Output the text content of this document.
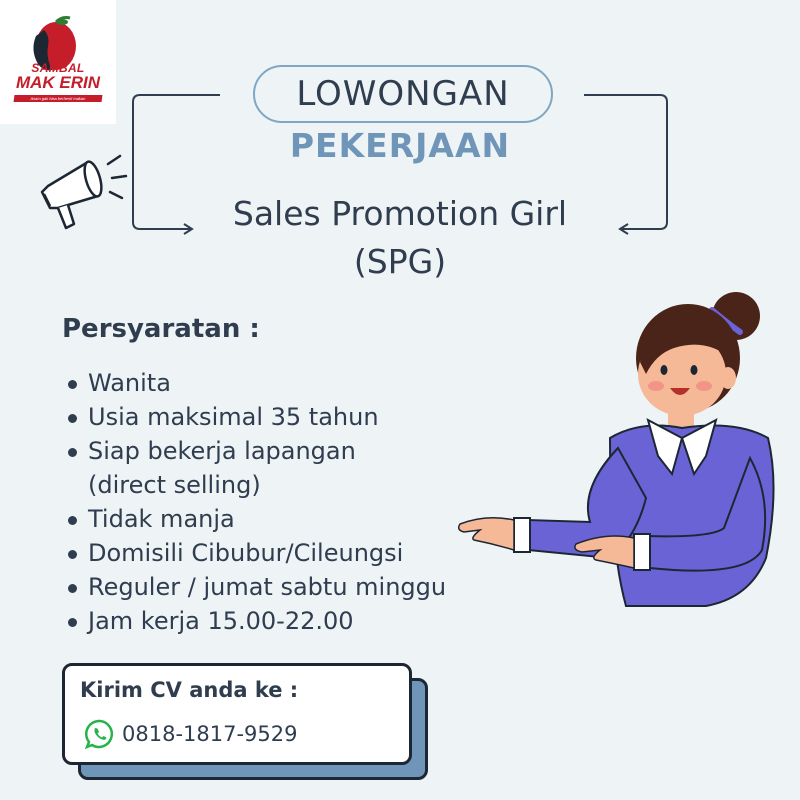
SAMBAL
MAK ERIN
Asam gak bisa berhenti makan	LOWONGAN
PEKERJAAN
Sales Promotion Girl
(SPG)
Persyaratan :
Wanita
Usia maksimal 35 tahun
Siap bekerja lapangan
(direct selling)
Tidak manja
Domisili Cibubur/Cileungsi
Reguler / jumat sabtu minggu
Jam kerja 15.00-22.00
Kirim CV anda ke :
0818-1817-9529
